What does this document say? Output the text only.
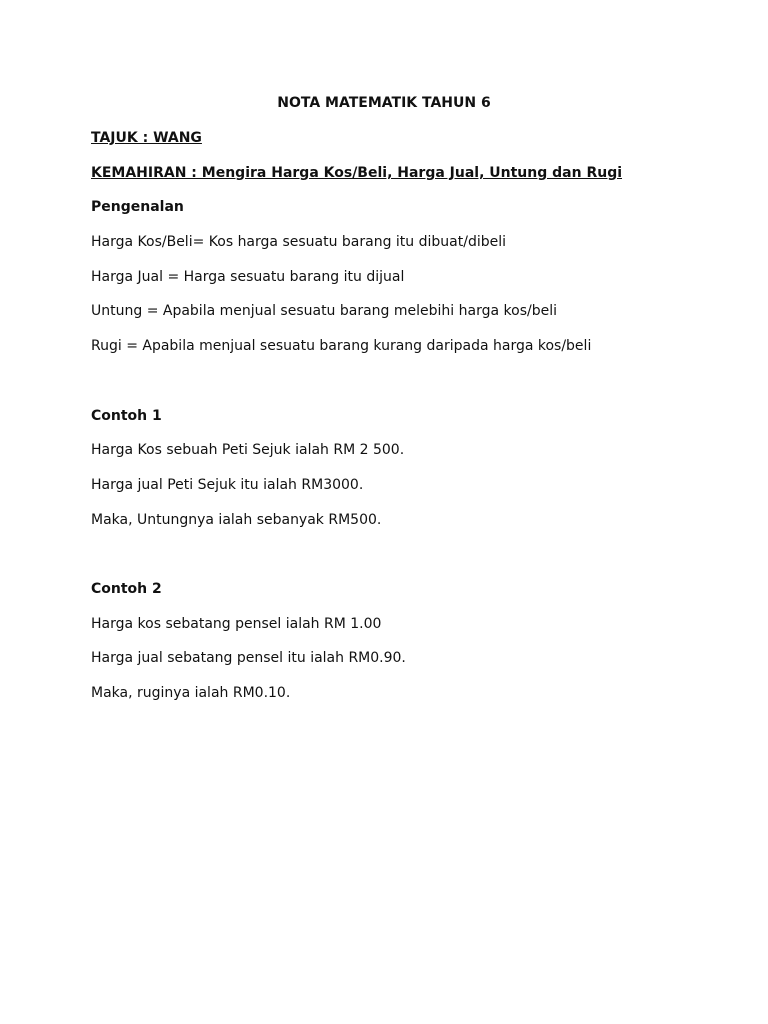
NOTA MATEMATIK TAHUN 6
TAJUK : WANG
KEMAHIRAN : Mengira Harga Kos/Beli, Harga Jual, Untung dan Rugi
Pengenalan
Harga Kos/Beli= Kos harga sesuatu barang itu dibuat/dibeli
Harga Jual = Harga sesuatu barang itu dijual
Untung = Apabila menjual sesuatu barang melebihi harga kos/beli
Rugi = Apabila menjual sesuatu barang kurang daripada harga kos/beli
Contoh 1
Harga Kos sebuah Peti Sejuk ialah RM 2 500.
Harga jual Peti Sejuk itu ialah RM3000.
Maka, Untungnya ialah sebanyak RM500.
Contoh 2
Harga kos sebatang pensel ialah RM 1.00
Harga jual sebatang pensel itu ialah RM0.90.
Maka, ruginya ialah RM0.10.
